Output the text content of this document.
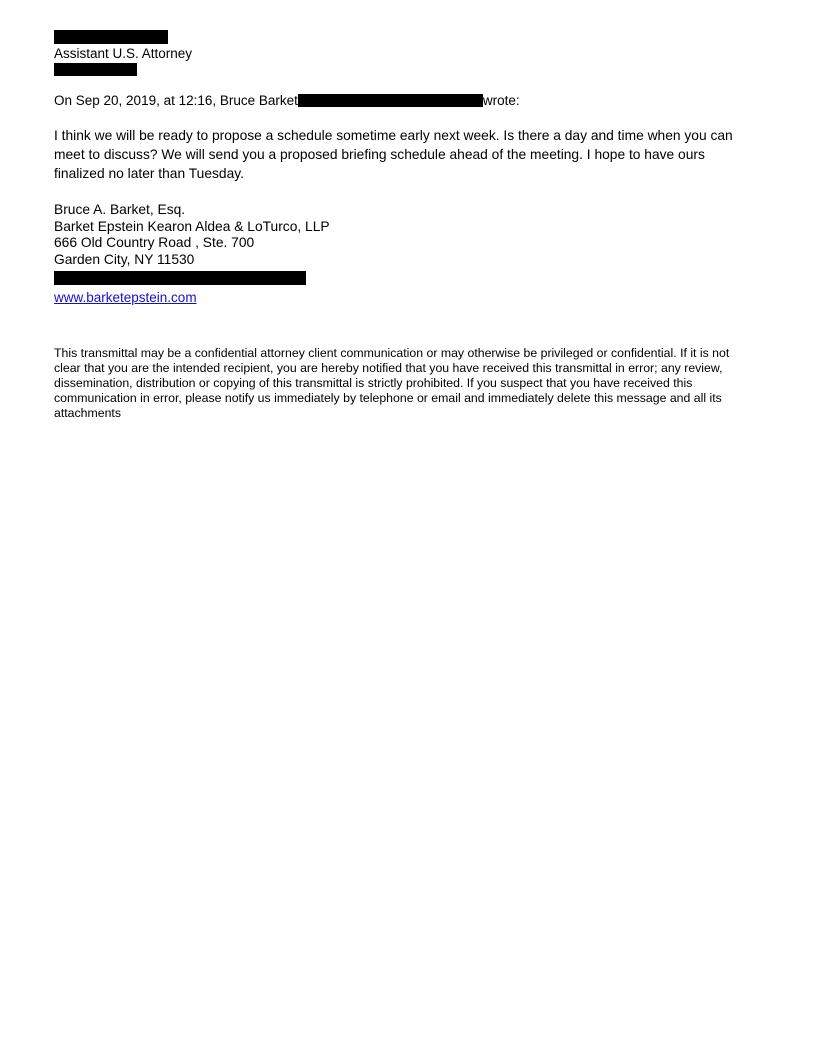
Assistant U.S. Attorney

On Sep 20, 2019, at 12:16, Bruce Barket	wrote:
I think we will be ready to propose a schedule sometime early next week. Is there a day and time when you can meet to discuss? We will send you a proposed briefing schedule ahead of the meeting. I hope to have ours finalized no later than Tuesday.
Bruce A. Barket, Esq.
Barket Epstein Kearon Aldea & LoTurco, LLP
666 Old Country Road , Ste. 700
Garden City, NY 11530
www.barketepstein.com
This transmittal may be a confidential attorney client communication or may otherwise be privileged or confidential. If it is not clear that you are the intended recipient, you are hereby notified that you have received this transmittal in error; any review, dissemination, distribution or copying of this transmittal is strictly prohibited. If you suspect that you have received this communication in error, please notify us immediately by telephone or email and immediately delete this message and all its attachments
